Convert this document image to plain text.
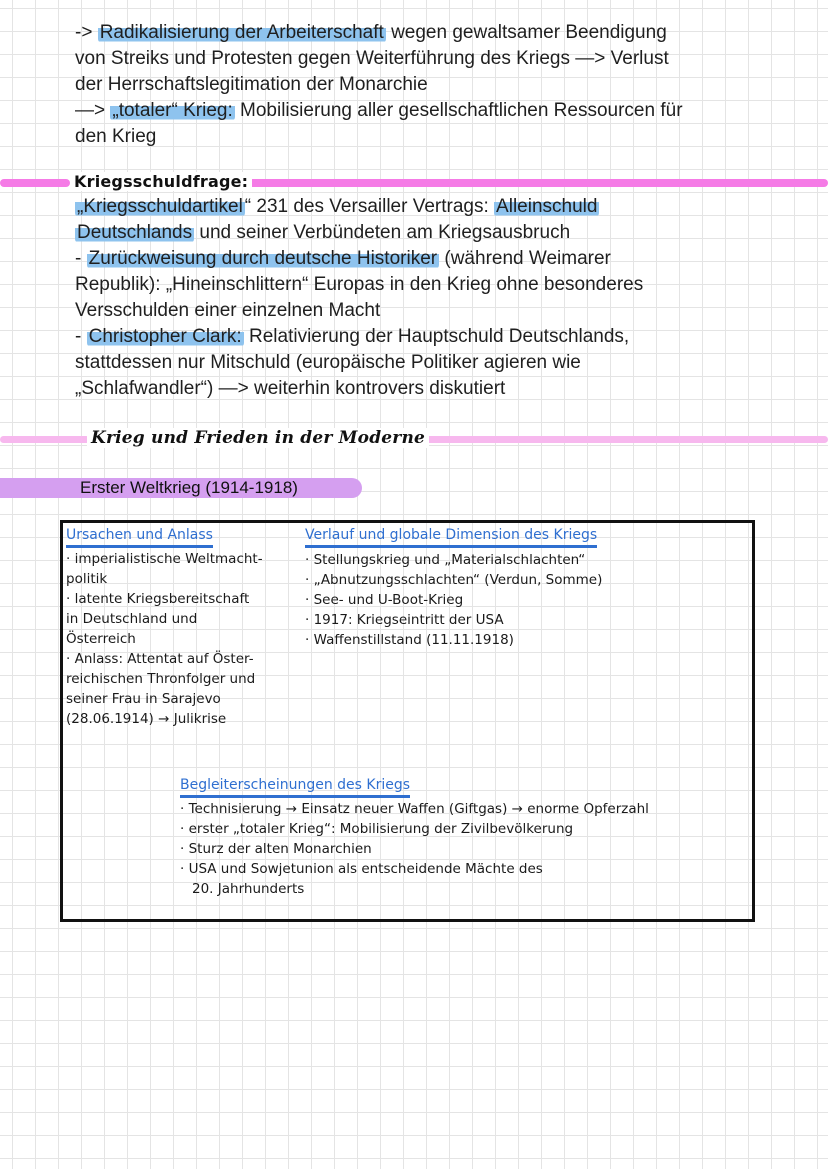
-> Radikalisierung der Arbeiterschaft wegen gewaltsamer Beendigung
von Streiks und Protesten gegen Weiterführung des Kriegs —> Verlust
der Herrschaftslegitimation der Monarchie
—> „totaler“ Krieg: Mobilisierung aller gesellschaftlichen Ressourcen für
den Krieg
Kriegsschuldfrage:
„Kriegsschuldartikel “ 231 des Versailler Vertrags: Alleinschuld
Deutschlands und seiner Verbündeten am Kriegsausbruch
- Zurückweisung durch deutsche Historiker (während Weimarer
Republik): „Hineinschlittern“ Europas in den Krieg ohne besonderes
Versschulden einer einzelnen Macht
- Christopher Clark: Relativierung der Hauptschuld Deutschlands,
stattdessen nur Mitschuld (europäische Politiker agieren wie
„Schlafwandler“) —> weiterhin kontrovers diskutiert
Krieg und Frieden in der Moderne
Erster Weltkrieg (1914-1918)
Ursachen und Anlass
· imperialistische Weltmacht-
politik
· latente Kriegsbereitschaft
in Deutschland und
Österreich
· Anlass: Attentat auf Öster-
reichischen Thronfolger und
seiner Frau in Sarajevo
(28.06.1914) → Julikrise
Verlauf und globale Dimension des Kriegs
· Stellungskrieg und „Materialschlachten“
· „Abnutzungsschlachten“ (Verdun, Somme)
· See- und U-Boot-Krieg
· 1917: Kriegseintritt der USA
· Waffenstillstand (11.11.1918)
Begleiterscheinungen des Kriegs
· Technisierung → Einsatz neuer Waffen (Giftgas) → enorme Opferzahl
· erster „totaler Krieg“: Mobilisierung der Zivilbevölkerung
· Sturz der alten Monarchien
· USA und Sowjetunion als entscheidende Mächte des
20. Jahrhunderts
